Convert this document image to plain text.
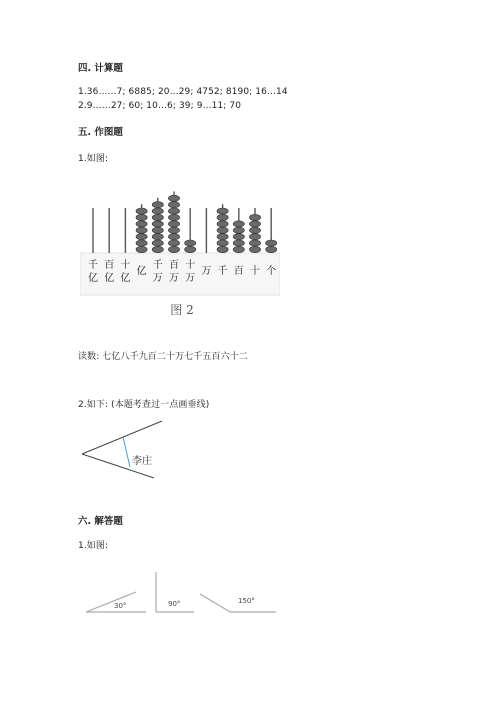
四. 计算题
1.36……7; 6885; 20…29; 4752; 8190; 16…14
2.9……27; 60; 10…6; 39; 9…11; 70
五. 作图题
1.如图:
千
亿
百
亿
十
亿
亿
千
万
百
万
十
万
万 千 百 十 个
图 2
读数: 七亿八千九百二十万七千五百六十二
2.如下: (本题考查过一点画垂线)
李庄
六. 解答题
1.如图:
30°	90°	150°
